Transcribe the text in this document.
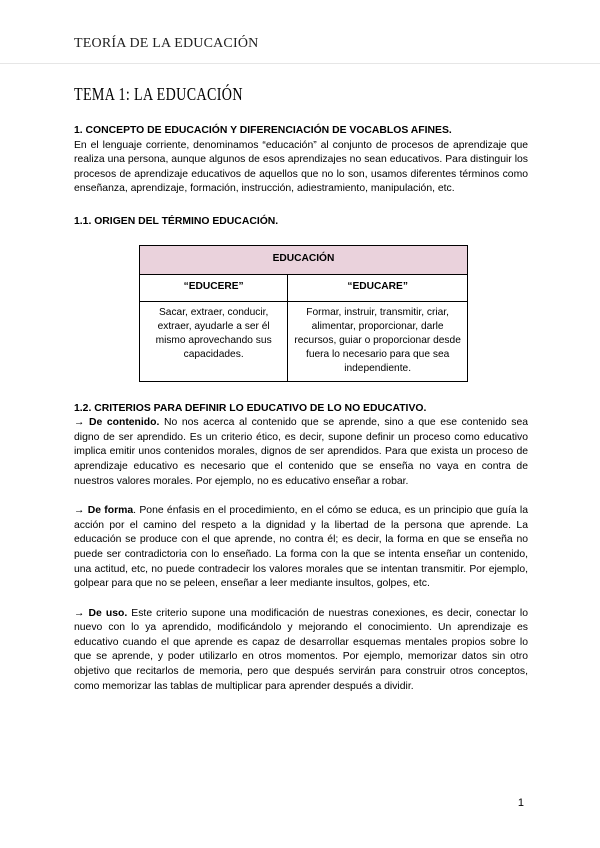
TEORÍA DE LA EDUCACIÓN
TEMA 1: LA EDUCACIÓN
1. CONCEPTO DE EDUCACIÓN Y DIFERENCIACIÓN DE VOCABLOS AFINES.

En el lenguaje corriente, denominamos “educación” al conjunto de procesos de aprendizaje que realiza una persona, aunque algunos de esos aprendizajes no sean educativos. Para distinguir los procesos de aprendizaje educativos de aquellos que no lo son, usamos diferentes términos como enseñanza, aprendizaje, formación, instrucción, adiestramiento, manipulación, etc.

1.1. ORIGEN DEL TÉRMINO EDUCACIÓN.
EDUCACIÓN	
“EDUCERE”	“EDUCARE”

Sacar, extraer, conducir, extraer, ayudarle a ser él mismo aprovechando sus capacidades.	Formar, instruir, transmitir, criar, alimentar, proporcionar, darle recursos, guiar o proporcionar desde fuera lo necesario para que sea independiente.
1.2. CRITERIOS PARA DEFINIR LO EDUCATIVO DE LO NO EDUCATIVO.

→ De contenido. No nos acerca al contenido que se aprende, sino a que ese contenido sea digno de ser aprendido. Es un criterio ético, es decir, supone definir un proceso como educativo implica emitir unos contenidos morales, dignos de ser aprendidos. Para que exista un proceso de aprendizaje educativo es necesario que el contenido que se enseña no vaya en contra de nuestros valores morales. Por ejemplo, no es educativo enseñar a robar.

→ De forma. Pone énfasis en el procedimiento, en el cómo se educa, es un principio que guía la acción por el camino del respeto a la dignidad y la libertad de la persona que aprende. La educación se produce con el que aprende, no contra él; es decir, la forma en que se enseña no puede ser contradictoria con lo enseñado. La forma con la que se intenta enseñar un contenido, una actitud, etc, no puede contradecir los valores morales que se intentan transmitir. Por ejemplo, golpear para que no se peleen, enseñar a leer mediante insultos, golpes, etc.

→ De uso. Este criterio supone una modificación de nuestras conexiones, es decir, conectar lo nuevo con lo ya aprendido, modificándolo y mejorando el conocimiento. Un aprendizaje es educativo cuando el que aprende es capaz de desarrollar esquemas mentales propios sobre lo que se aprende, y poder utilizarlo en otros momentos. Por ejemplo, memorizar datos sin otro objetivo que recitarlos de memoria, pero que después servirán para construir otros conceptos, como memorizar las tablas de multiplicar para aprender después a dividir.

1
